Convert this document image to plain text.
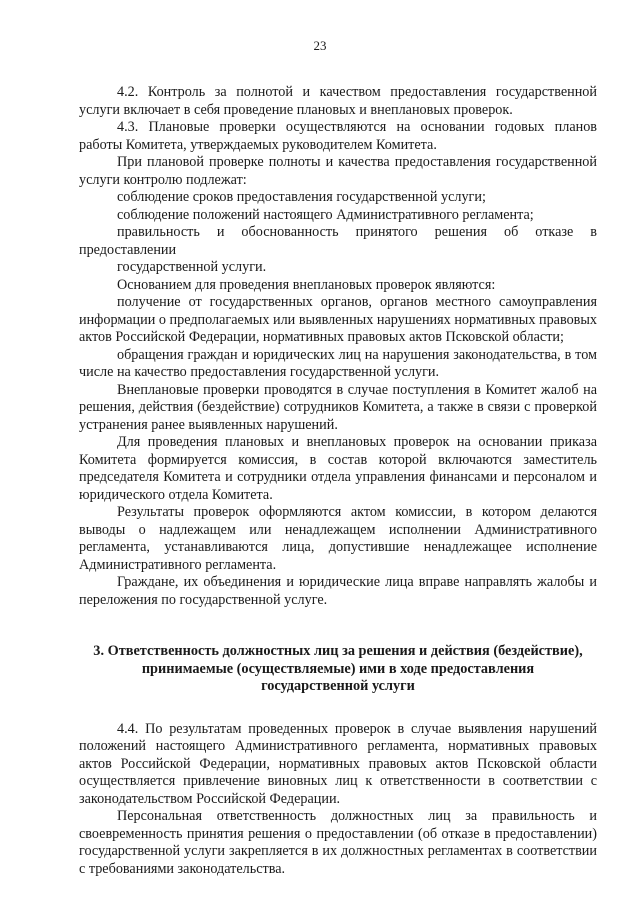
23

4.2. Контроль за полнотой и качеством предоставления государственной услуги включает в себя проведение плановых и внеплановых проверок.

4.3. Плановые проверки осуществляются на основании годовых планов работы Комитета, утверждаемых руководителем Комитета.

При плановой проверке полноты и качества предоставления государственной услуги контролю подлежат:

соблюдение сроков предоставления государственной услуги;

соблюдение положений настоящего Административного регламента;

правильность и обоснованность принятого решения об отказе в

предоставлении

государственной услуги.

Основанием для проведения внеплановых проверок являются:

получение от государственных органов, органов местного самоуправления информации о предполагаемых или выявленных нарушениях нормативных правовых актов Российской Федерации, нормативных правовых актов Псковской области;

обращения граждан и юридических лиц на нарушения законодательства, в том числе на качество предоставления государственной услуги.

Внеплановые проверки проводятся в случае поступления в Комитет жалоб на решения, действия (бездействие) сотрудников Комитета, а также в связи с проверкой устранения ранее выявленных нарушений.

Для проведения плановых и внеплановых проверок на основании приказа Комитета формируется комиссия, в состав которой включаются заместитель председателя Комитета и сотрудники отдела управления финансами и персоналом и юридического отдела Комитета.

Результаты проверок оформляются актом комиссии, в котором делаются выводы о надлежащем или ненадлежащем исполнении Административного регламента, устанавливаются лица, допустившие ненадлежащее исполнение Административного регламента.

Граждане, их объединения и юридические лица вправе направлять жалобы и переложения по государственной услуге.

3. Ответственность должностных лиц за решения и действия (бездействие),
принимаемые (осуществляемые) ими в ходе предоставления
государственной услуги

4.4. По результатам проведенных проверок в случае выявления нарушений положений настоящего Административного регламента, нормативных правовых актов Российской Федерации, нормативных правовых актов Псковской области осуществляется привлечение виновных лиц к ответственности в соответствии с законодательством Российской Федерации.

Персональная ответственность должностных лиц за правильность и своевременность принятия решения о предоставлении (об отказе в предоставлении) государственной услуги закрепляется в их должностных регламентах в соответствии с требованиями законодательства.
